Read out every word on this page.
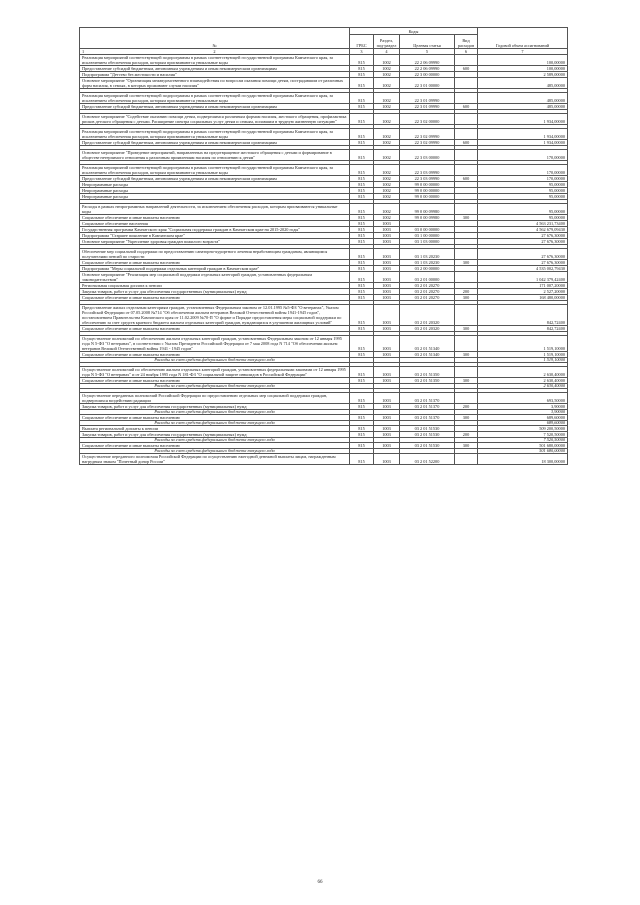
№	Коды				Годовой объем ассигнований
	ГРБС	Раздел, под-раздел	Целевая статья	Вид расходов	

1 2	3	4	5	6	7
Реализация мероприятий соответствующей подпрограммы в рамках соответствующей государственной программы Камчатского края, за исключением обеспечения расходов, которым присваиваются уникальные коды	815	1002	22 2 06 09990		100,00000
Предоставление субсидий бюджетным, автономным учреждениям и иным некоммерческим организациям	815	1002	22 2 06 09990	600	100,00000
Подпрограмма "Детство без жестокости и насилия"	815	1002	22 3 00 00000		2 589,00000
Основное мероприятие "Организация межведомственного взаимодействия по вопросам оказания помощи детям, пострадавшим от различных форм насилия, в семьях, в которых проживают случаи насилия"	815	1002	22 3 01 00000		485,00000

Реализация мероприятий соответствующей подпрограммы в рамках соответствующей государственной программы Камчатского края, за исключением обеспечения расходов, которым присваиваются уникальные коды	815	1002	22 3 01 09990		485,00000
Предоставление субсидий бюджетным, автономным учреждениям и иным некоммерческим организациям	815	1002	22 3 01 09990	600	485,00000

Основное мероприятие "Содействие оказанию помощи детям, подвергшимся различным формам насилия, жестокого обращения, профилактика рисков детского обращения с детьми. Расширение спектра социальных услуг детям и семьям, попавшим в трудную жизненную ситуацию"	815	1002	22 3 02 00000		1 934,00000

Реализация мероприятий соответствующей подпрограммы в рамках соответствующей государственной программы Камчатского края, за исключением обеспечения расходов, которым присваиваются уникальные коды	815	1002	22 3 02 09990		1 934,00000
Предоставление субсидий бюджетным, автономным учреждениям и иным некоммерческим организациям	815	1002	22 3 02 09990	600	1 934,00000

Основное мероприятие "Проведение мероприятий, направленных на предотвращение жестокого обращения с детьми и формирование в обществе нетерпимого отношения к различным проявлениям насилия по отношению к детям"	815	1002	22 3 03 00000		170,00000

Реализация мероприятий соответствующей подпрограммы в рамках соответствующей государственной программы Камчатского края, за исключением обеспечения расходов, которым присваиваются уникальные коды	815	1002	22 3 03 09990		170,00000
Предоставление субсидий бюджетным, автономным учреждениям и иным некоммерческим организациям	815	1002	22 3 03 09990	600	170,00000
Непрограммные расходы	815	1002	99 0 00 00000		95,00000
Непрограммные расходы	815	1002	99 0 00 00000		95,00000
Непрограммные расходы	815	1002	99 0 00 00000		95,00000

Расходы в рамках непрограммных направлений деятельности, за исключением обеспечения расходов, которым присваиваются уникальные коды	815	1002	99 0 00 09980		95,00000
Социальное обеспечение и иные выплаты населению	815	1002	99 0 00 09980	300	95,00000
Социальное обеспечение населения	815	1003			4 563 231,73400
Государственная программа Камчатского края "Социальная поддержка граждан в Камчатском крае на 2015-2020 годы"	815	1003	03 0 00 00000		4 562 679,09430
Подпрограмма "Старшее поколение в Камчатском крае"	815	1003	03 1 00 00000		27 676,30000
Основное мероприятие "Укрепление здоровья граждан пожилого возраста"	815	1003	03 1 03 00000		27 676,30000

Обеспечение мер социальной поддержки по предоставлению санаторно-курортного лечения неработающим гражданам, являющимся получателями пенсий по старости	815	1003	03 1 03 20230		27 676,30000
Социальное обеспечение и иные выплаты населению	815	1003	03 1 03 20230	300	27 676,30000
Подпрограмма "Меры социальной поддержки отдельных категорий граждан в Камчатском крае"	815	1003	03 2 00 00000		4 535 002,79430
Основное мероприятие "Реализация мер социальной поддержки отдельных категорий граждан, установленных федеральным законодательством"	815	1003	03 2 01 00000		1 042 379,42400
Региональная социальная доплата к пенсии	815	1003	03 2 01 20270		171 007,20000
Закупка товаров, работ и услуг для обеспечения государственных (муниципальных) нужд	815	1003	03 2 01 20270	200	2 527,20000
Социальное обеспечение и иные выплаты населению	815	1003	03 2 01 20270	300	168 480,00000

Предоставление жилых отдельным категориям граждан, установленных Федеральным законом от 12.01.1995 №5-ФЗ "О ветеранах", Указом Российской Федерации от 07.05.2008 №714 "Об обеспечении жильем ветеранов Великой Отечественной войны 1941-1945 годов", постановлением Правительства Камчатского края от 11.02.2009 №70-П "О форме и Порядке предоставления меры социальной поддержки по обеспечению за счет средств краевого бюджета жильем отдельных категорий граждан, нуждающихся в улучшении жилищных условий"	815	1003	03 2 01 20320		842,72400
Социальное обеспечение и иные выплаты населению	815	1003	03 2 01 20320	300	842,72400

Осуществление полномочий по обеспечению жильем отдельных категорий граждан, установленных Федеральным законом от 12 января 1995 года N 5-ФЗ "О ветеранах", в соответствии с Указом Президента Российской Федерации от 7 мая 2008 года N 714 "Об обеспечении жильем ветеранов Великой Отечественной войны 1941 - 1945 годов"	815	1003	03 2 01 51340		1 519,10000
Социальное обеспечение и иные выплаты населению	815	1003	03 2 01 51340	300	1 519,10000
Расходы за счет средств федерального бюджета текущего года					1 519,10000

Осуществление полномочий по обеспечению жильем отдельных категорий граждан, установленных федеральными законами от 12 января 1995 года N 5-ФЗ "О ветеранах" и от 24 ноября 1995 года N 181-ФЗ "О социальной защите инвалидов в Российской Федерации"	815	1003	03 2 01 51350		2 630,40000
Социальное обеспечение и иные выплаты населению	815	1003	03 2 01 51350	300	2 630,40000
Расходы за счет средств федерального бюджета текущего года					2 630,40000

Осуществление переданных полномочий Российской Федерации по предоставлению отдельных мер социальной поддержки граждан, подвергшихся воздействию радиации	815	1003	03 2 01 51370		693,50000
Закупка товаров, работ и услуг для обеспечения государственных (муниципальных) нужд	815	1003	03 2 01 51370	200	3,90000
Расходы за счет средств федерального бюджета текущего года					3,90000
Социальное обеспечение и иные выплаты населению	815	1003	03 2 01 51370	300	689,60000
Расходы за счет средств федерального бюджета текущего года					689,60000
Выплата региональной доплаты к пенсии	815	1003	03 2 01 51530		509 200,50000
Закупка товаров, работ и услуг для обеспечения государственных (муниципальных) нужд	815	1003	03 2 01 51530	200	7 520,50000
Расходы за счет средств федерального бюджета текущего года					7 520,50000
Социальное обеспечение и иные выплаты населению	815	1003	03 2 01 51530	300	501 680,00000
Расходы за счет средств федерального бюджета текущего года					501 680,00000
Осуществление переданного полномочия Российской Федерации по осуществлению ежегодной денежной выплаты лицам, награжденным нагрудным знаком "Почетный донор России"	815	1003	03 2 01 52200		18 300,00000
66
